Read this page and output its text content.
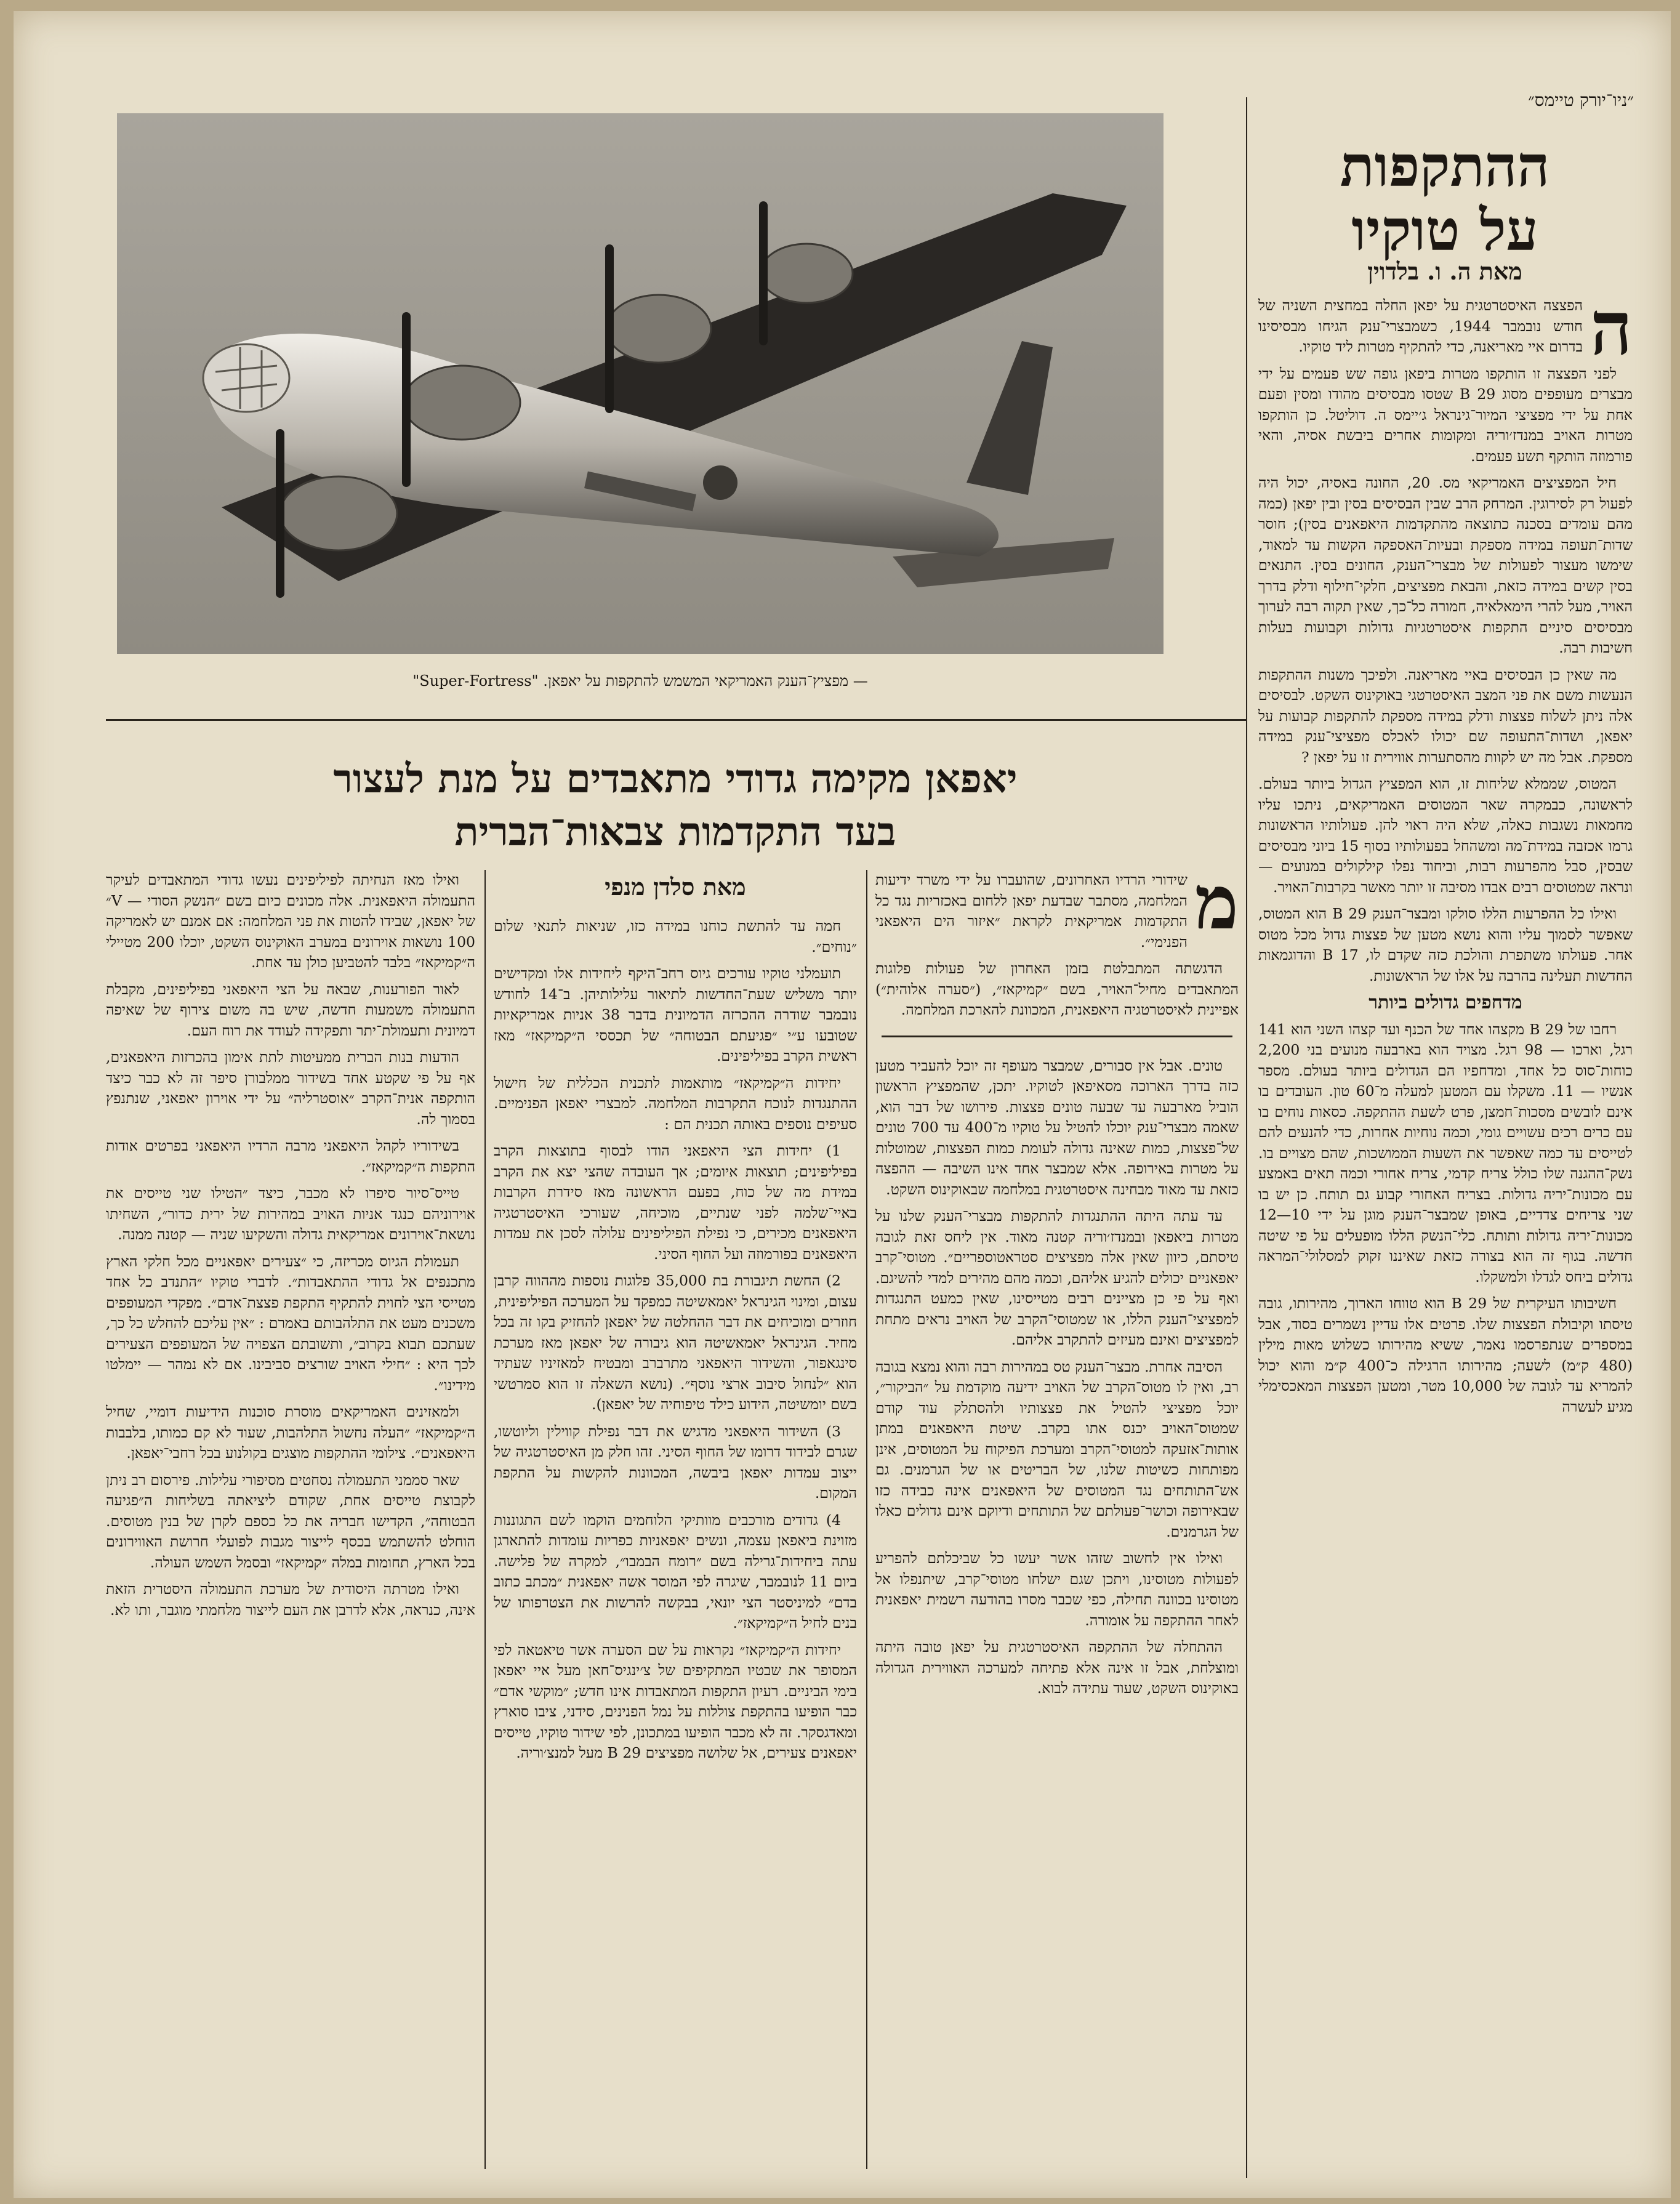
״ניו־יורק טיימס״
ההתקפות
על טוקיו
מאת ה. ו. בלדוין

ה
הפצצה האיסטרטגית על יפאן החלה במחצית השניה של חודש נובמבר 1944, כשמבצרי־ענק הגיחו מבסיסינו בדרום איי מאריאנה, כדי להתקיף מטרות ליד טוקיו.

לפני הפצצה זו הותקפו מטרות ביפאן גופה שש פעמים על ידי מבצרים מעופפים מסוג B 29 שטסו מבסיסים מהודו ומסין ופעם אחת על ידי מפציצי המיור־גינראל ג׳יימס ה. דוליטל. כן הותקפו מטרות האויב במנדז׳וריה ומקומות אחרים ביבשת אסיה, והאי פורמוזה הותקף תשע פעמים.

חיל המפציצים האמריקאי מס. 20, החונה באסיה, יכול היה לפעול רק לסירוגין. המרחק הרב שבין הבסיסים בסין ובין יפאן (כמה מהם עומדים בסכנה כתוצאה מהתקדמות היאפאנים בסין); חוסר שדות־תעופה במידה מספקת ובעיות־האספקה הקשות עד למאוד, שימשו מעצור לפעולות של מבצרי־הענק, החונים בסין. התנאים בסין קשים במידה כזאת, והבאת מפציצים, חלקי־חילוף ודלק בדרך האויר, מעל להרי הימאלאיה, חמורה כל־כך, שאין תקוה רבה לערוך מבסיסים סיניים התקפות איסטרטגיות גדולות וקבועות בעלות חשיבות רבה.

מה שאין כן הבסיסים באיי מאריאנה. ולפיכך משנות ההתקפות הנעשות משם את פני המצב האיסטרטגי באוקינוס השקט. לבסיסים אלה ניתן לשלוח פצצות ודלק במידה מספקת להתקפות קבועות על יאפאן, ושדות־התעופה שם יכולו לאכלס מפציצי־ענק במידה מספקת. אבל מה יש לקוות מהסתערות אווירית זו על יפאן ?

המטוס, שממלא שליחות זו, הוא המפציץ הגדול ביותר בעולם. לראשונה, כבמקרה שאר המטוסים האמריקאים, ניתכו עליו מחמאות נשגבות כאלה, שלא היה ראוי להן. פעולותיו הראשונות גרמו אכזבה במידת־מה ומשהחל בפעולותיו בסוף 15 ביוני מבסיסים שבסין, סבל מהפרעות רבות, וביחוד נפלו קילקולים במנועים — ונראה שמטוסים רבים אבדו מסיבה זו יותר מאשר בקרבות־האויר.

ואילו כל ההפרעות הללו סולקו ומבצר־הענק B 29 הוא המטוס, שאפשר לסמוך עליו והוא נושא מטען של פצצות גדול מכל מטוס אחר. פעולתו משתפרת והולכת כזה שקדם לו, B 17 והדוגמאות החדשות תעלינה בהרבה על אלו של הראשונות.

מדחפים גדולים ביותר

רחבו של B 29 מקצהו אחד של הכנף ועד קצהו השני הוא 141 רגל, וארכו — 98 רגל. מצויד הוא בארבעה מנועים בני 2,200 כוחות־סוס כל אחד, ומדחפיו הם הגדולים ביותר בעולם. מספר אנשיו — 11. משקלו עם המטען למעלה מ־60 טון. העובדים בו אינם לובשים מסכות־חמצן, פרט לשעת ההתקפה. כסאות נוחים בו עם כרים רכים עשויים גומי, וכמה נוחיות אחרות, כדי להנעים להם לטייסים עד כמה שאפשר את השעות הממושכות, שהם מצויים בו. נשק־ההגנה שלו כולל צריח קדמי, צריח אחורי וכמה תאים באמצע עם מכונות־יריה גדולות. בצריח האחורי קבוע גם תותח. כן יש בו שני צריחים צדדיים, באופן שמבצר־הענק מוגן על ידי 10—12 מכונות־יריה גדולות ותותח. כלי־הנשק הללו מופעלים על פי שיטה חדשה. בגוף זה הוא בצורה כזאת שאיננו זקוק למסלולי־המראה גדולים ביחס לגדלו ולמשקלו.

חשיבותו העיקרית של B 29 הוא טווחו הארוך, מהירותו, גובה טיסתו וקיבולת הפצצות שלו. פרטים אלו עדיין נשמרים בסוד, אבל במספרים שנתפרסמו נאמר, ששיא מהירותו כשלוש מאות מילין (480 ק״מ) לשעה; מהירותו הרגילה כ־400 ק״מ והוא יכול להמריא עד לגובה של 10,000 מטר, ומטען הפצצות המאכסימלי מגיע לעשרה

— מפציץ־הענק האמריקאי המשמש להתקפות על יאפאן. "Super-Fortress"
יאפאן מקימה גדודי מתאבדים על מנת לעצור
בעד התקדמות צבאות־הברית

מ
שידורי הרדיו האחרונים, שהועברו על ידי משרד ידיעות המלחמה, מסתבר שבדעת יפאן ללחום באכזריות נגד כל התקדמות אמריקאית לקראת ״איזור הים היאפאני הפנימי״.

הדגשתה המתבלטת בזמן האחרון של פעולות פלוגות המתאבדים מחיל־האויר, בשם ״קמיקאז״, (״סערה אלוהית״) אפיינית לאיסטרטגיה היאפאנית, המכוונת להארכת המלחמה.

טונים. אבל אין סבורים, שמבצר מעופף זה יוכל להעביר מטען כזה בדרך הארוכה מסאיפאן לטוקיו. יתכן, שהמפציץ הראשון הוביל מארבעה עד שבעה טונים פצצות. פירושו של דבר הוא, שאמה מבצרי־ענק יוכלו להטיל על טוקיו מ־400 עד 700 טונים של־פצצות, כמות שאינה גדולה לעומת כמות הפצצות, שמוטלות על מטרות באירופה. אלא שמבצר אחד אינו השיבה — ההפצה כזאת עד מאוד מבחינה איסטרטגית במלחמה שבאוקינוס השקט.

עד עתה היתה ההתנגדות להתקפות מבצרי־הענק שלנו על מטרות ביאפאן ובמנדז׳וריה קטנה מאוד. אין ליחס זאת לגובה טיסתם, כיוון שאין אלה מפציצים סטראטוספריים״. מטוסי־קרב יאפאניים יכולים להגיע אליהם, וכמה מהם מהירים למדי להשיגם. ואף על פי כן מציינים רבים מטייסינו, שאין כמעט התנגדות למפציצי־הענק הללו, או שמטוסי־הקרב של האויב נראים מתחת למפציצים ואינם מעיזים להתקרב אליהם.

הסיבה אחרת. מבצר־הענק טס במהירות רבה והוא נמצא בגובה רב, ואין לו מטוס־הקרב של האויב ידיעה מוקדמת על ״הביקור״, יוכל מפציצי להטיל את פצצותיו ולהסתלק עוד קודם שמטוס־האויב יכנס אתו בקרב. שיטת היאפאנים במתן אותות־אזעקה למטוסי־הקרב ומערכת הפיקוח על המטוסים, אינן מפותחות כשיטות שלנו, של הבריטים או של הגרמנים. גם אש־התותחים נגד המטוסים של היאפאנים אינה כבידה כזו שבאירופה וכושר־פעולתם של התותחים ודיוקם אינם גדולים כאלו של הגרמנים.

ואילו אין לחשוב שזהו אשר יעשו כל שביכלתם להפריע לפעולות מטוסינו, ויתכן שגם ישלחו מטוסי־קרב, שיתנפלו אל מטוסינו בכוונה תחילה, כפי שכבר מסרו בהודעה רשמית יאפאנית לאחר ההתקפה על אומורה.

ההתחלה של ההתקפה האיסטרטגית על יפאן טובה היתה ומוצלחת, אבל זו אינה אלא פתיחה למערכה האווירית הגדולה באוקינוס השקט, שעוד עתידה לבוא.

מאת סלדן מנפי

חמה עד להתשת כוחנו במידה כזו, שניאות לתנאי שלום ״נוחים״.

תועמלני טוקיו עורכים גיוס רחב־היקף ליחידות אלו ומקדישים יותר משליש שעת־החדשות לתיאור עלילותיהן. ב־14 לחודש נובמבר שודרה ההכרזה הדמיונית בדבר 38 אניות אמריקאיות שטובעו ע״י ״פגיעתם הבטוחה״ של תכססי ה״קמיקאז״ מאז ראשית הקרב בפיליפינים.

יחידות ה״קמיקאז״ מותאמות לתכנית הכללית של חישול ההתנגדות לנוכח התקרבות המלחמה. למבצרי יאפאן הפנימיים. סעיפים נוספים באותה תכנית הם :

1) יחידות הצי היאפאני הודו לבסוף בתוצאות הקרב בפיליפינים; תוצאות איומים; אך העובדה שהצי יצא את הקרב במידת מה של כוח, בפעם הראשונה מאז סידרת הקרבות באיי־שלמה לפני שנתיים, מוכיחה, שעורכי האיסטרטגיה היאפאנים מכירים, כי נפילת הפיליפינים עלולה לסכן את עמדות היאפאנים בפורמוזה ועל החוף הסיני.

2) החשת תיגבורת בת 35,000 פלוגות נוספות מההווה קרבן עצום, ומינוי הגינראל יאמאשיטה כמפקד על המערכה הפיליפינית, חוזרים ומוכיחים את דבר ההחלטה של יאפאן להחזיק בקו זה בכל מחיר. הגינראל יאמאשיטה הוא גיבורה של יאפאן מאז מערכת סינגאפור, והשידור היאפאני מתרברב ומבטיח למאזיניו שעתיד הוא ״לנחול סיבוב ארצי נוסף״. (נושא השאלה זו הוא סמרטשי בשם יומשיטה, הידוע כילד טיפוחיה של יאפאן).

3) השידור היאפאני מדגיש את דבר נפילת קווילין וליוטשו, שגרם לבידוד דרומו של החוף הסיני. זהו חלק מן האיסטרטגיה של ייצוב עמדות יאפאן ביבשה, המכוונות להקשות על התקפת המקום.

4) גדודים מורכבים מוותיקי הלוחמים הוקמו לשם התגוננות מזוינת ביאפאן עצמה, ונשים יאפאניות כפריות עומדות להתארגן עתה ביחידות־גרילה בשם ״רומח הבמבו״, למקרה של פלישה. ביום 11 לנובמבר, שיגרה לפי המוסר אשה יאפאנית ״מכתב כתוב בדם״ למיניסטר הצי יונאי, בבקשה להרשות את הצטרפותו של בנים לחיל ה״קמיקאז״.

יחידות ה״קמיקאז״ נקראות על שם הסערה אשר טיאטאה לפי המסופר את שבטיו המתקיפים של צ׳ינגיס־חאן מעל איי יאפאן בימי הביניים. רעיון התקפות המתאבדות אינו חדש; ״מוקשי אדם״ כבר הופיעו בהתקפת צוללות על נמל הפנינים, סידני, ציבו סוארץ ומאדגסקר. זה לא מכבר הופיעו במתכונן, לפי שידור טוקיו, טייסים יאפאנים צעירים, אל שלושה מפציצים B 29 מעל למנצ׳וריה.

ואילו מאז הנחיתה לפיליפינים נעשו גדודי המתאבדים לעיקר התעמולה היאפאנית. אלה מכונים כיום בשם ״הנשק הסודי — V״ של יאפאן, שבידו להטות את פני המלחמה: אם אמנם יש לאמריקה 100 נושאות אוירונים במערב האוקינוס השקט, יוכלו 200 מטיילי ה״קמיקאז״ בלבד להטביען כולן עד אחת.

לאור הפורענות, שבאה על הצי היאפאני בפיליפינים, מקבלת התעמולה משמעות חדשה, שיש בה משום צירוף של שאיפה דמיונית ותעמולת־יתר ותפקידה לעודד את רוח העם.

הודעות בנות הברית ממעיטות לתת אימון בהכרזות היאפאנים, אף על פי שקטע אחד בשידור ממלבורן סיפר זה לא כבר כיצד הותקפה אנית־הקרב ״אוסטרליה״ על ידי אוירון יאפאני, שנתנפץ בסמוך לה.

בשידוריו לקהל היאפאני מרבה הרדיו היאפאני בפרטים אודות התקפות ה״קמיקאז״.

טייס־סיור סיפרו לא מכבר, כיצד ״הטילו שני טייסים את אוירוניהם כנגד אניות האויב במהירות של ירית כדור״, השחיתו נושאת־אוירונים אמריקאית גדולה והשקיעו שניה — קטנה ממנה.

תעמולת הגיוס מכריזה, כי ״צעירים יאפאניים מכל חלקי הארץ מתכנפים אל גדודי ההתאבדות״. לדברי טוקיו ״התנדב כל אחד מטייסי הצי לחוית להתקיף התקפת פצצת־אדם״. מפקדי המעופפים משכנים מעט את התלהבותם באמרם : ״אין עליכם להחלש כל כך, שעתכם תבוא בקרוב״, ותשובתם הצפויה של המעופפים הצעירים לכך היא : ״חילי האויב שורצים סביבינו. אם לא נמהר — יימלטו מידינו״.

ולמאזינים האמריקאים מוסרת סוכנות הידיעות דומיי, שחיל ה״קמיקאז״ ״העלה נחשול התלהבות, שעוד לא קם כמותו, בלבבות היאפאנים״. צילומי ההתקפות מוצגים בקולנוע בכל רחבי־יאפאן.

שאר סממני התעמולה נסחטים מסיפורי עלילות. פירסום רב ניתן לקבוצת טייסים אחת, שקודם ליציאתה בשליחות ה״פגיעה הבטוחה״, הקדישו חבריה את כל כספם לקרן של בנין מטוסים. הוחלט להשתמש בכסף לייצור מגבות לפועלי חרושת האווירונים בכל הארץ, תחומות במלה ״קמיקאז״ ובסמל השמש העולה.

ואילו מטרתה היסודית של מערכת התעמולה היסטרית הזאת אינה, כנראה, אלא לדרבן את העם לייצור מלחמתי מוגבר, ותו לא.
